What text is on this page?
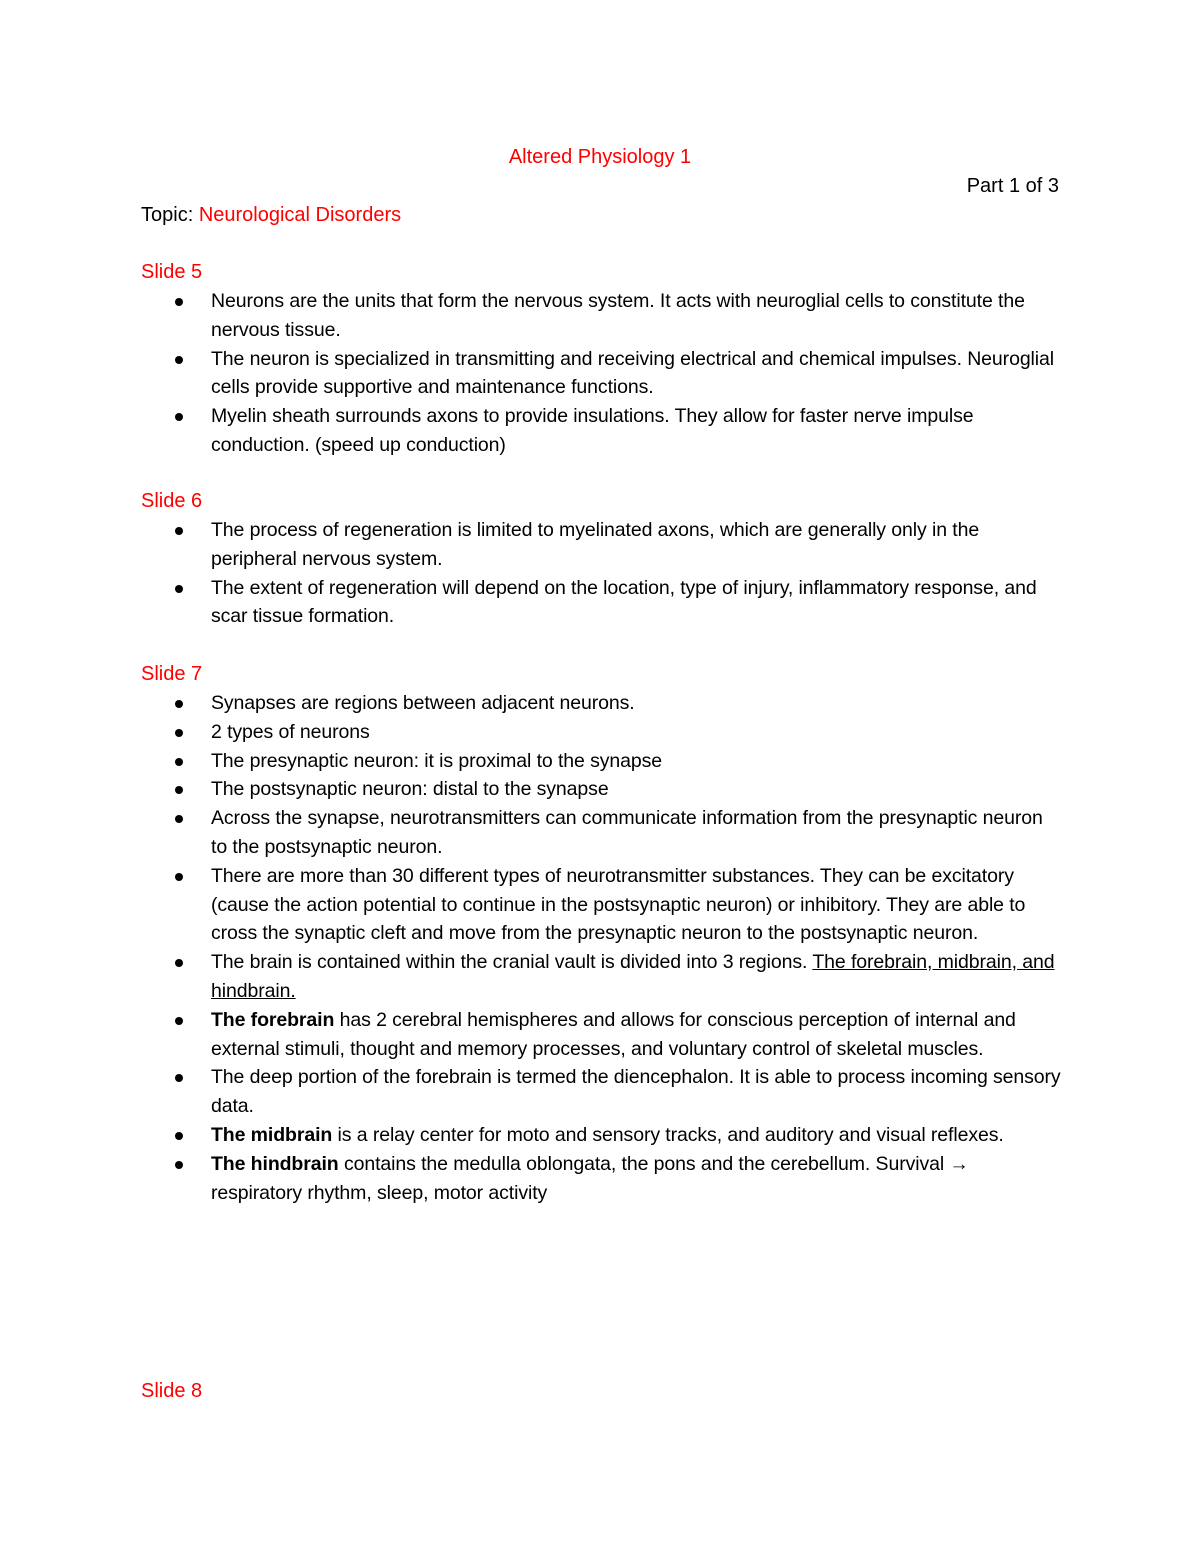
Altered Physiology 1
Part 1 of 3
Topic: Neurological Disorders
Slide 5
Neurons are the units that form the nervous system. It acts with neuroglial cells to constitute the nervous tissue.
The neuron is specialized in transmitting and receiving electrical and chemical impulses. Neuroglial cells provide supportive and maintenance functions.
Myelin sheath surrounds axons to provide insulations. They allow for faster nerve impulse conduction. (speed up conduction)
Slide 6
The process of regeneration is limited to myelinated axons, which are generally only in the peripheral nervous system.
The extent of regeneration will depend on the location, type of injury, inflammatory response, and scar tissue formation.
Slide 7
Synapses are regions between adjacent neurons.
2 types of neurons
The presynaptic neuron: it is proximal to the synapse
The postsynaptic neuron: distal to the synapse
Across the synapse, neurotransmitters can communicate information from the presynaptic neuron to the postsynaptic neuron.
There are more than 30 different types of neurotransmitter substances. They can be excitatory (cause the action potential to continue in the postsynaptic neuron) or inhibitory. They are able to cross the synaptic cleft and move from the presynaptic neuron to the postsynaptic neuron.
The brain is contained within the cranial vault is divided into 3 regions. The forebrain, midbrain, and hindbrain.
The forebrain has 2 cerebral hemispheres and allows for conscious perception of internal and external stimuli, thought and memory processes, and voluntary control of skeletal muscles.
The deep portion of the forebrain is termed the diencephalon. It is able to process incoming sensory data.
The midbrain is a relay center for moto and sensory tracks, and auditory and visual reflexes.
The hindbrain contains the medulla oblongata, the pons and the cerebellum. Survival → respiratory rhythm, sleep, motor activity
Slide 8
